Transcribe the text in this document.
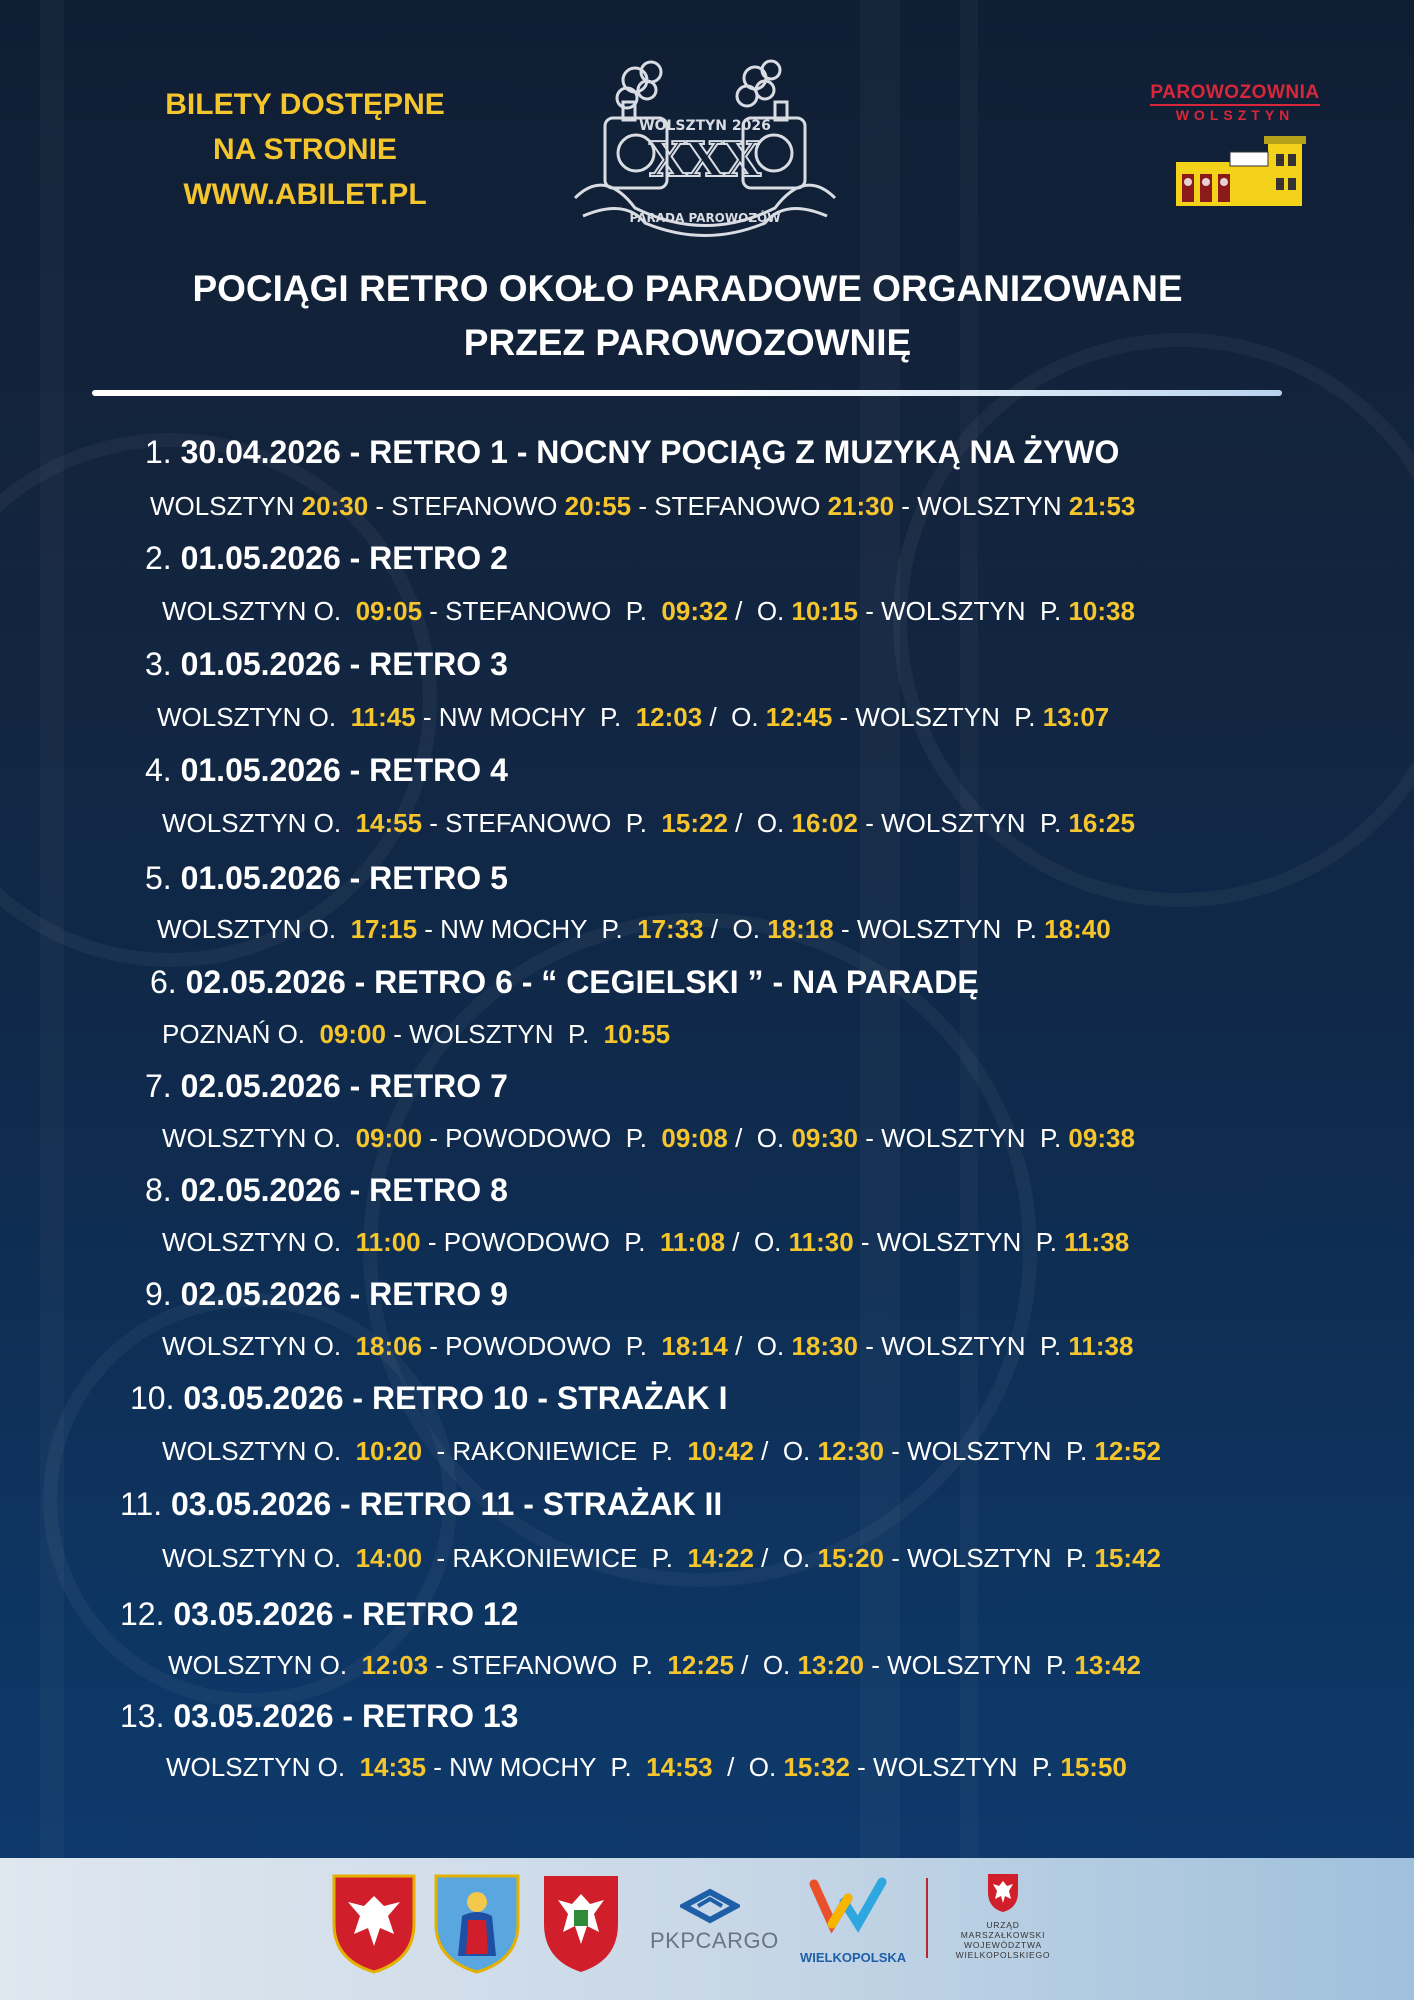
BILETY DOSTĘPNE
NA STRONIE
WWW.ABILET.PL
WOLSZTYN 2026
XXX
PARADA PAROWOZÓW
PAROWOZOWNIA
WOLSZTYN
POCIĄGI RETRO OKOŁO PARADOWE ORGANIZOWANE
PRZEZ PAROWOZOWNIĘ
1. 30.04.2026 - RETRO 1 - NOCNY POCIĄG Z MUZYKĄ NA ŻYWO
WOLSZTYN 20:30 - STEFANOWO 20:55 - STEFANOWO 21:30 - WOLSZTYN 21:53
2. 01.05.2026 - RETRO 2
WOLSZTYN O.  09:05 - STEFANOWO  P.  09:32 /  O. 10:15 - WOLSZTYN  P. 10:38
3. 01.05.2026 - RETRO 3
WOLSZTYN O.  11:45 - NW MOCHY  P.  12:03 /  O. 12:45 - WOLSZTYN  P. 13:07
4. 01.05.2026 - RETRO 4
WOLSZTYN O.  14:55 - STEFANOWO  P.  15:22 /  O. 16:02 - WOLSZTYN  P. 16:25
5. 01.05.2026 - RETRO 5
WOLSZTYN O.  17:15 - NW MOCHY  P.  17:33 /  O. 18:18 - WOLSZTYN  P. 18:40
6. 02.05.2026 - RETRO 6 - “ CEGIELSKI ” - NA PARADĘ
POZNAŃ O.  09:00 - WOLSZTYN  P.  10:55
7. 02.05.2026 - RETRO 7
WOLSZTYN O.  09:00 - POWODOWO  P.  09:08 /  O. 09:30 - WOLSZTYN  P. 09:38
8. 02.05.2026 - RETRO 8
WOLSZTYN O.  11:00 - POWODOWO  P.  11:08 /  O. 11:30 - WOLSZTYN  P. 11:38
9. 02.05.2026 - RETRO 9
WOLSZTYN O.  18:06 - POWODOWO  P.  18:14 /  O. 18:30 - WOLSZTYN  P. 11:38
10. 03.05.2026 - RETRO 10 - STRAŻAK I
WOLSZTYN O.  10:20  - RAKONIEWICE  P.  10:42 /  O. 12:30 - WOLSZTYN  P. 12:52
11. 03.05.2026 - RETRO 11 - STRAŻAK II
WOLSZTYN O.  14:00  - RAKONIEWICE  P.  14:22 /  O. 15:20 - WOLSZTYN  P. 15:42
12. 03.05.2026 - RETRO 12
WOLSZTYN O.  12:03 - STEFANOWO  P.  12:25 /  O. 13:20 - WOLSZTYN  P. 13:42
13. 03.05.2026 - RETRO 13
WOLSZTYN O.  14:35 - NW MOCHY  P.  14:53  /  O. 15:32 - WOLSZTYN  P. 15:50
PKPCARGO
WIELKOPOLSKA
URZĄD
MARSZAŁKOWSKI
WOJEWÓDZTWA
WIELKOPOLSKIEGO
